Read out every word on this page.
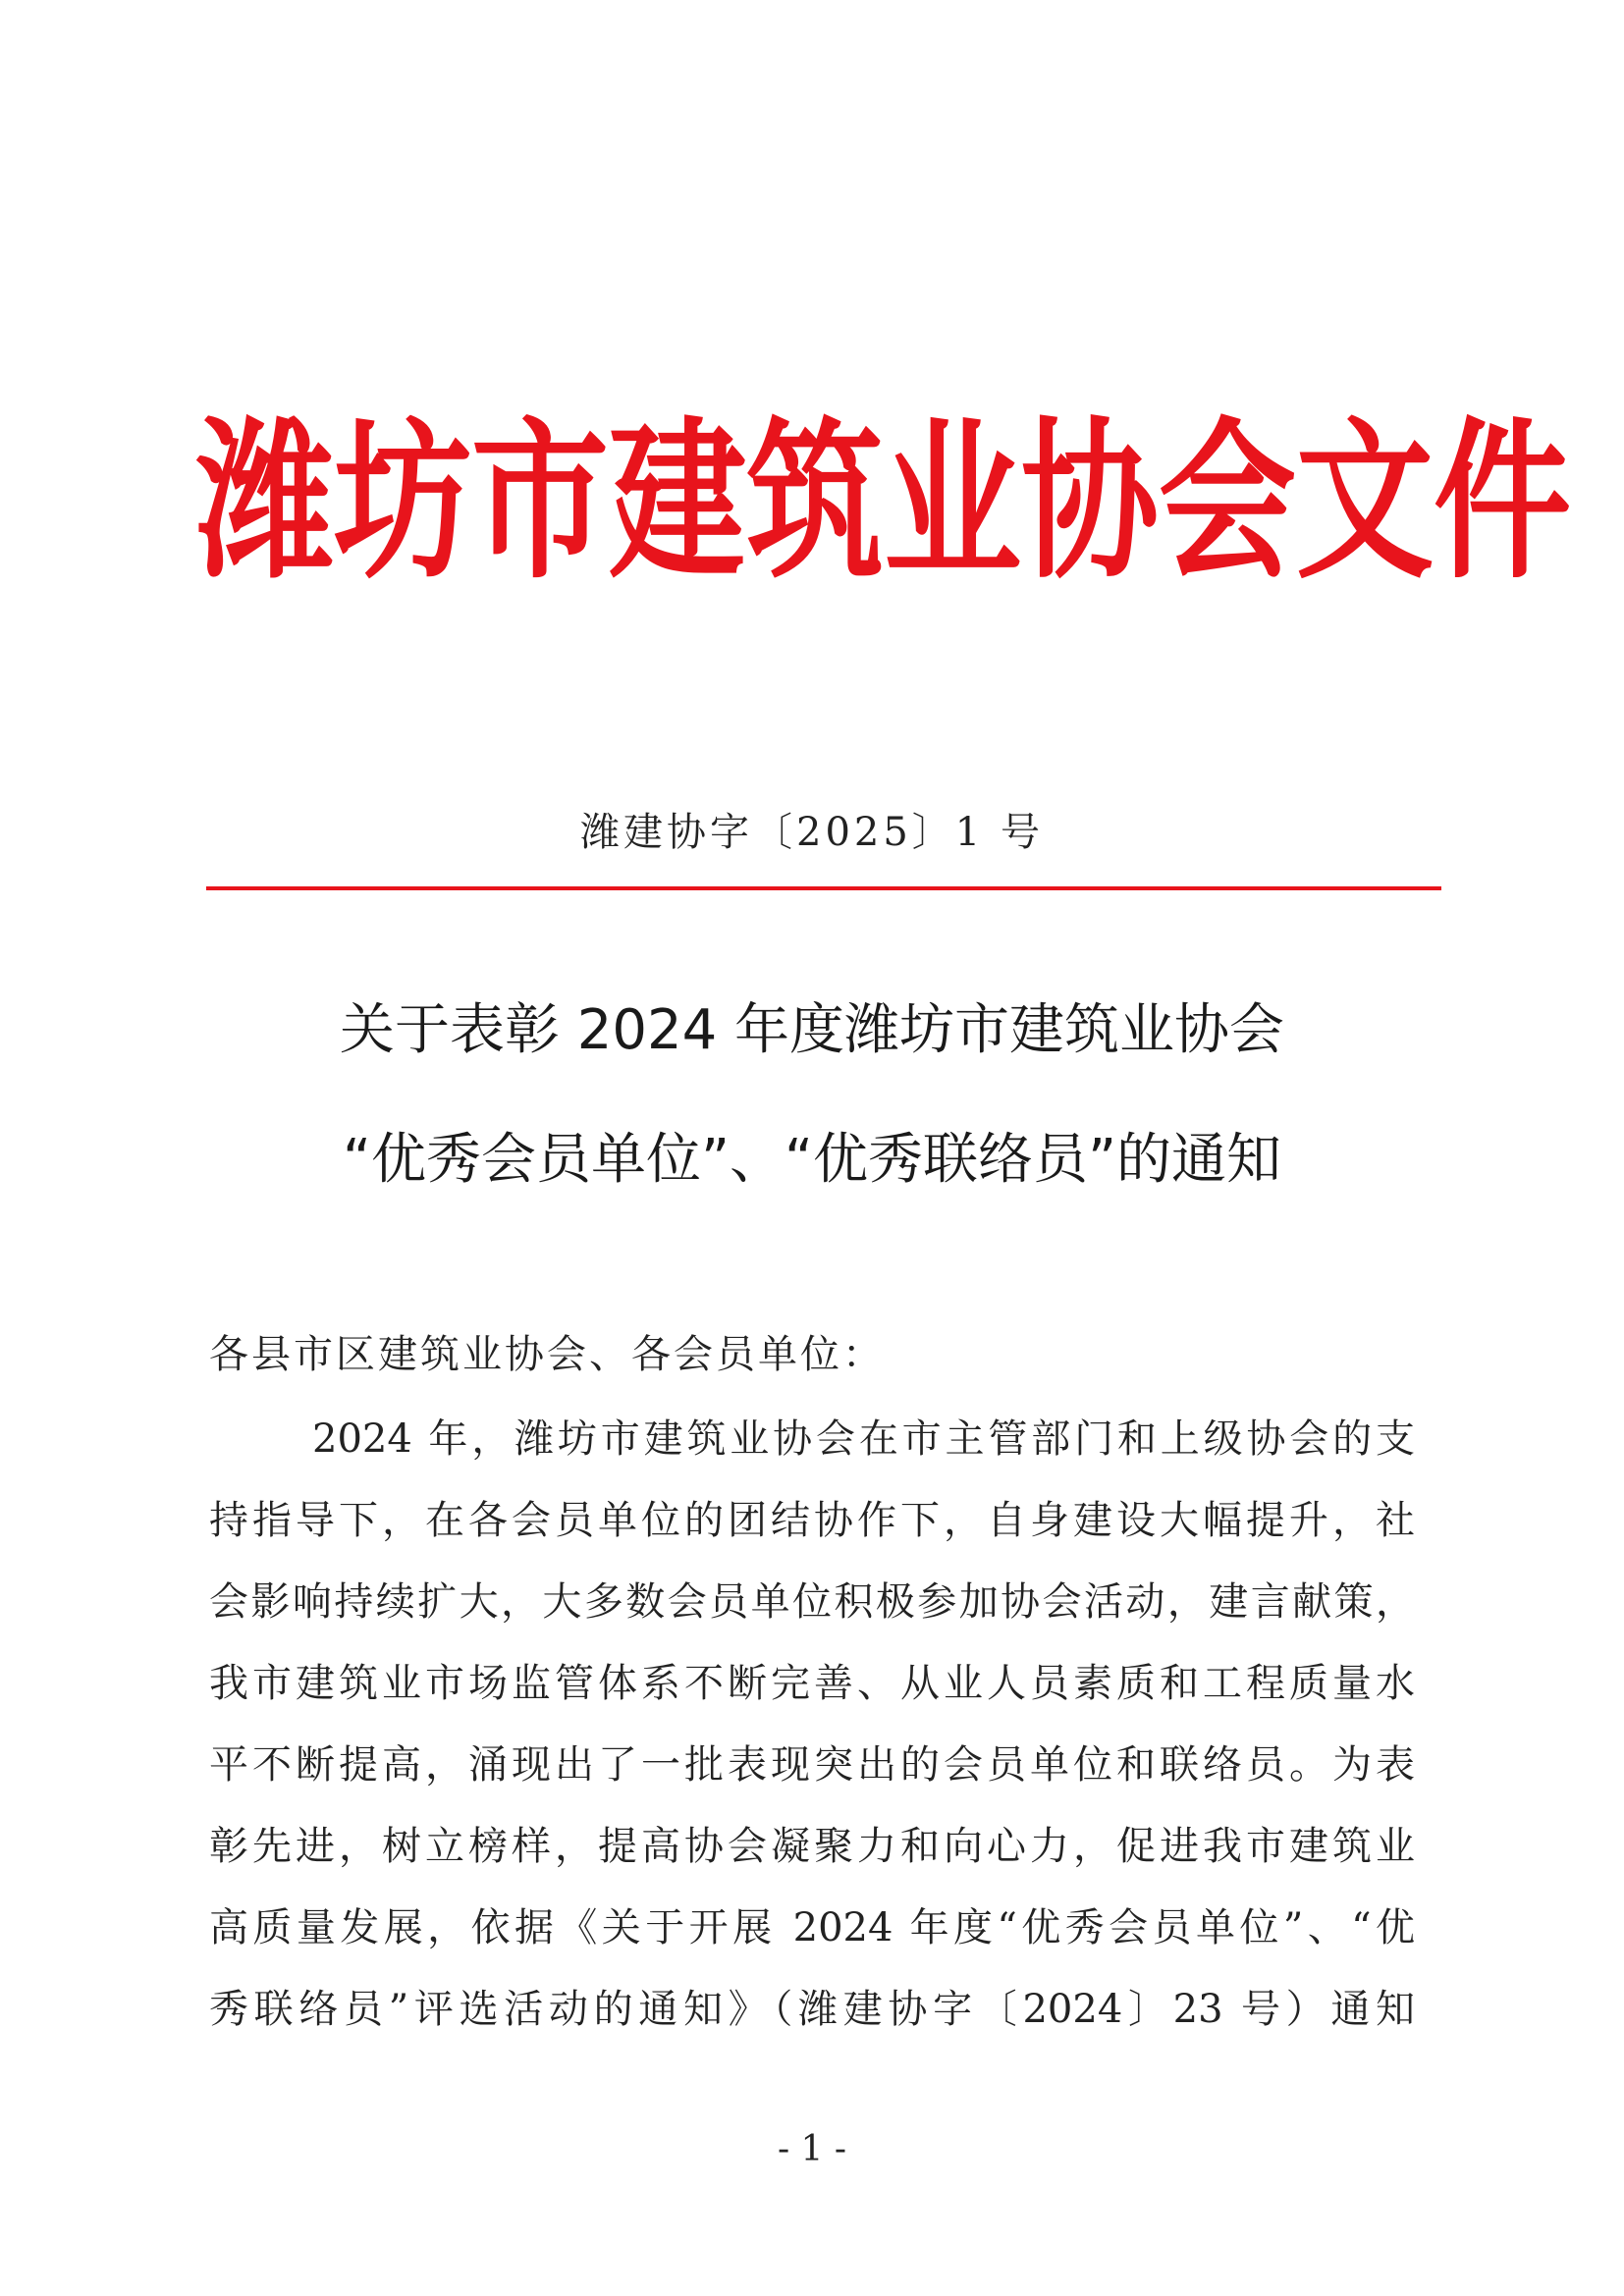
潍坊市建筑业协会文件
潍建协字〔2025〕1 号
关于表彰 2024 年度潍坊市建筑业协会
“优秀会员单位”、“优秀联络员”的通知
各县市区建筑业协会、各会员单位：
2024 年，潍坊市建筑业协会在市主管部门和上级协会的支
持指导下，在各会员单位的团结协作下，自身建设大幅提升，社
会影响持续扩大，大多数会员单位积极参加协会活动，建言献策，
我市建筑业市场监管体系不断完善、从业人员素质和工程质量水
平不断提高，涌现出了一批表现突出的会员单位和联络员。为表
彰先进，树立榜样，提高协会凝聚力和向心力，促进我市建筑业
高质量发展，依据《关于开展 2024 年度“优秀会员单位”、“优
秀联络员”评选活动的通知》（潍建协字〔2024〕23 号）通知
- 1 -
